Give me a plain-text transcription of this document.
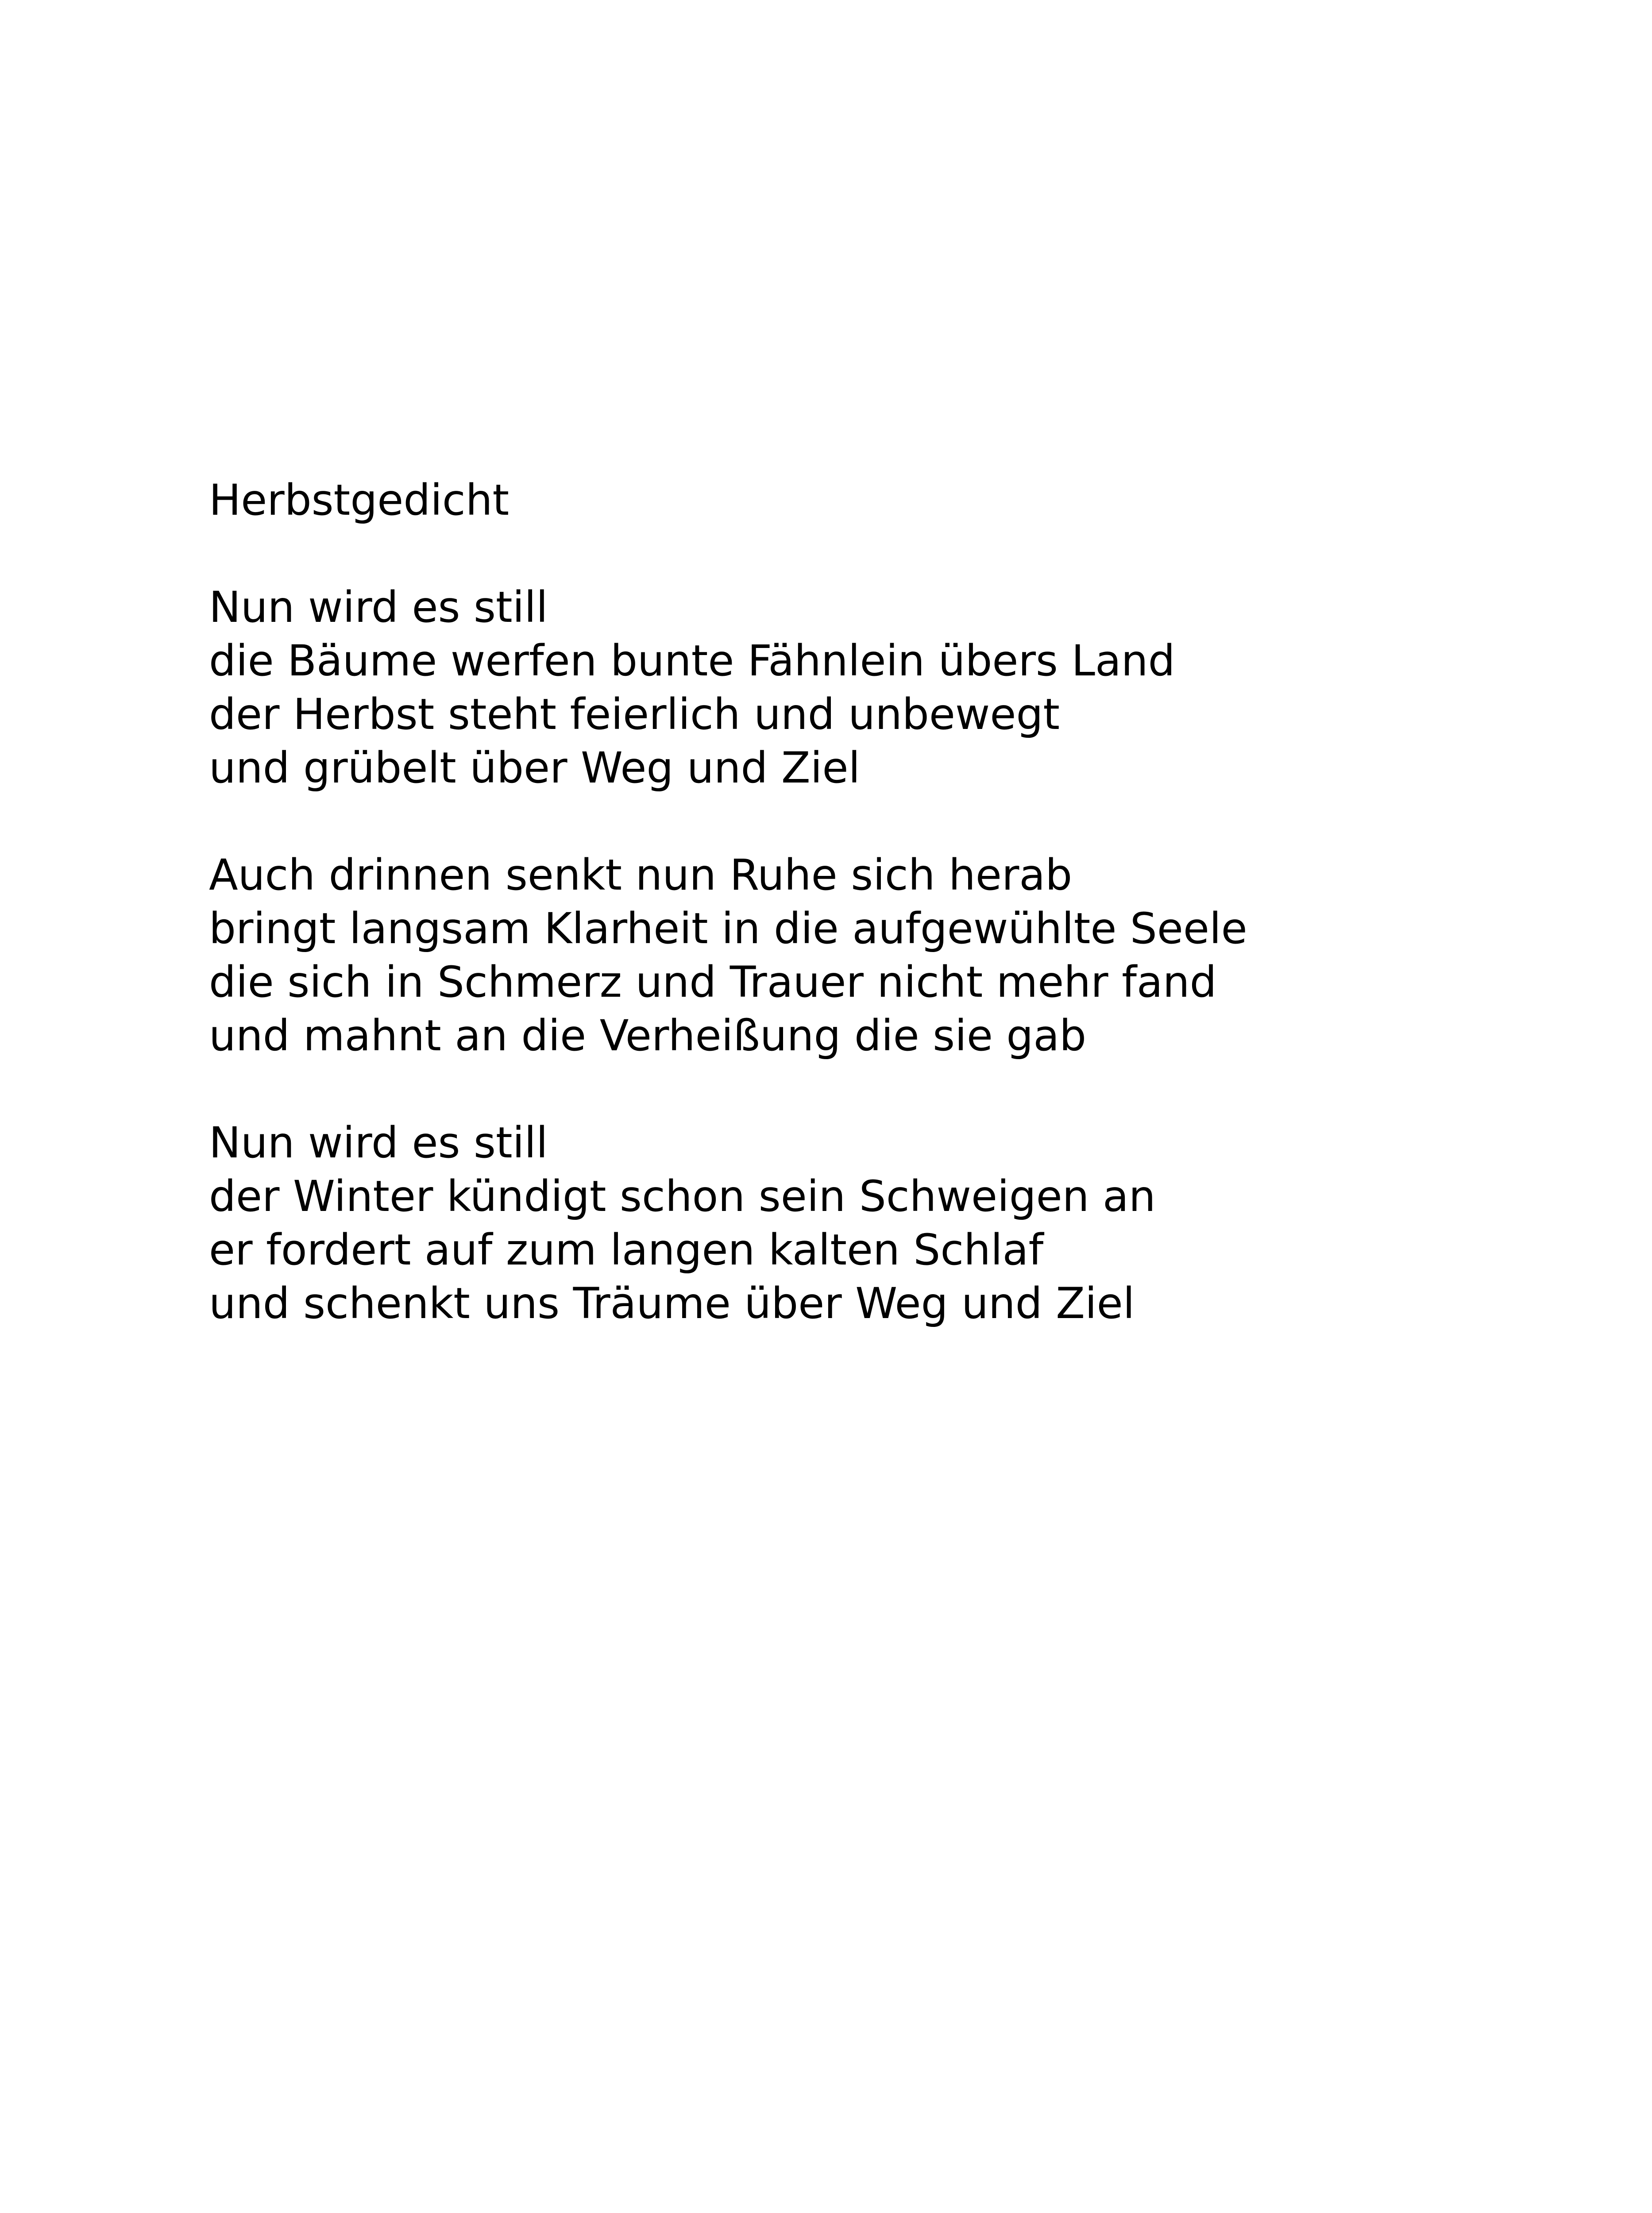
Herbstgedicht
Nun wird es still
die Bäume werfen bunte Fähnlein übers Land
der Herbst steht feierlich und unbewegt
und grübelt über Weg und Ziel
Auch drinnen senkt nun Ruhe sich herab
bringt langsam Klarheit in die aufgewühlte Seele
die sich in Schmerz und Trauer nicht mehr fand
und mahnt an die Verheißung die sie gab
Nun wird es still
der Winter kündigt schon sein Schweigen an
er fordert auf zum langen kalten Schlaf
und schenkt uns Träume über Weg und Ziel
